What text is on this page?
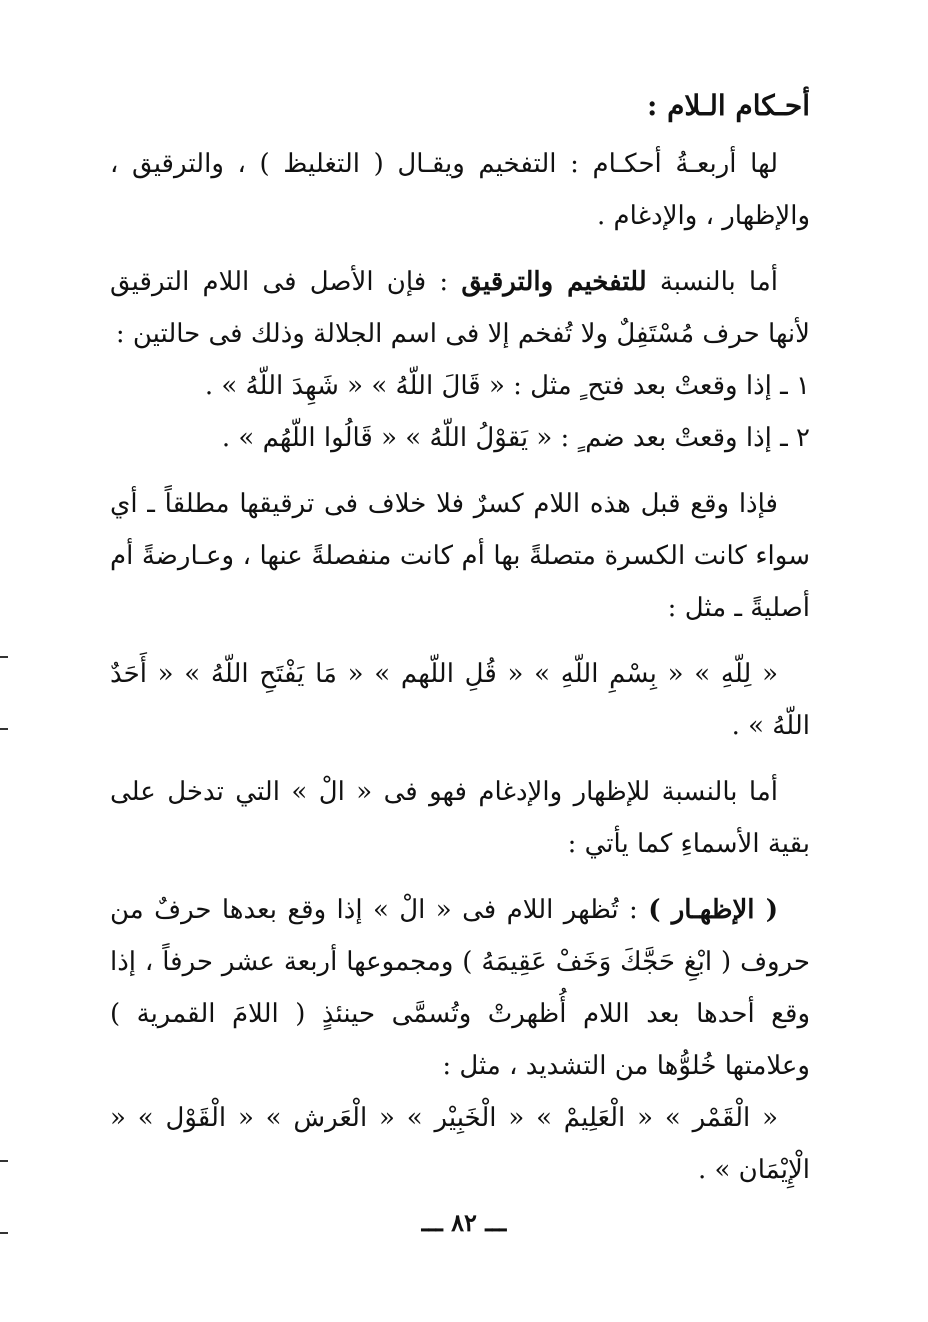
أحـكام الـلام :

لها أربعـةُ أحكـام : التفخيم ويقـال ( التغليظ ) ، والترقيق ، والإظهار ، والإدغام .

أما بالنسبة للتفخيم والترقيق : فإن الأصل فى اللام الترقيق لأنها حرف مُسْتَفِلٌ ولا تُفخم إلا فى اسم الجلالة وذلك فى حالتين :

١ ـ إذا وقعتْ بعد فتح ٍ مثل : « قَالَ اللّهُ » « شَهِدَ اللّهُ » .

٢ ـ إذا وقعتْ بعد ضم ٍ : « يَقوْلُ اللّهُ » « قَالُوا اللّهُم » .

فإذا وقع قبل هذه اللام كسرٌ فلا خلاف فى ترقيقها مطلقاً ـ أي سواء كانت الكسرة متصلةً بها أم كانت منفصلةً عنها ، وعـارضةً أم أصليةً ـ مثل :

« لِلّهِ » « بِسْمِ اللّهِ » « قُلِ اللّهم » « مَا يَفْتَحِ اللّهُ » « أَحَدٌ اللّهُ » .

أما بالنسبة للإظهار والإدغام فهو فى « الْ » التي تدخل على بقية الأسماءِ كما يأتي :

( الإظهـار ) : تُظهر اللام فى « الْ » إذا وقع بعدها حرفٌ من حروف ( ابْغِ حَجَّكَ وَخَفْ عَقِيمَهُ ) ومجموعها أربعة عشر حرفاً ، إذا وقع أحدها بعد اللام أُظهرتْ وتُسمَّى حينئذٍ ( اللامَ القمرية ) وعلامتها خُلوُّها من التشديد ، مثل :

« الْقَمْر » « الْعَلِيمْ » « الْخَبِيْر » « الْعَرش » « الْقَوْل » « الْإِيْمَان » .

ـــ ٨٢ ـــ
